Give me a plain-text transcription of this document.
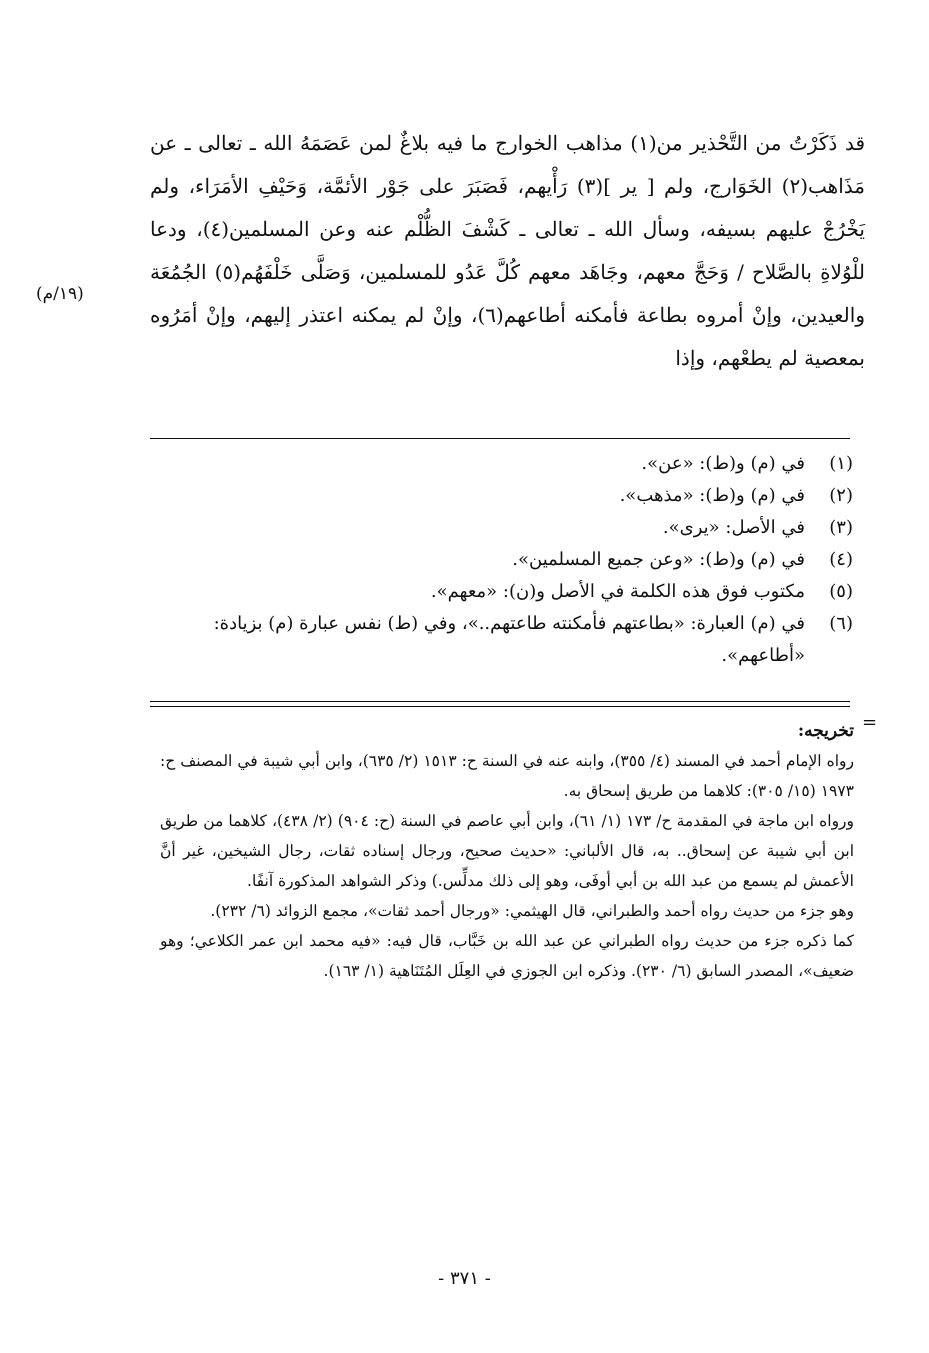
قد ذَكَرْتُ من التَّحْذير من(١) مذاهب الخوارج ما فيه بلاغٌ لمن عَصَمَهُ الله ـ تعالى ـ عن مَذَاهب(٢) الخَوَارج، ولم [ ير ](٣) رَأْيهم، فَصَبَرَ على جَوْر الأئمَّة، وَحَيْفِ الأمَرَاء، ولم يَخْرُجْ عليهم بسيفه، وسأل الله ـ تعالى ـ كَشْفَ الظُّلْم عنه وعن المسلمين(٤)، ودعا للْوُلاةِ بالصَّلاح / وَحَجَّ معهم، وجَاهَد معهم كُلَّ عَدُو للمسلمين، وَصَلَّى خَلْفَهُم(٥) الجُمُعَة والعيدين، وإنْ أمروه بطاعة فأمكنه أطاعهم(٦)، وإنْ لم يمكنه اعتذر إليهم، وإنْ أمَرُوه بمعصية لم يطعْهم، وإذا

(١٩/م)
(١)
في (م) و(ط): «عن».
(٢)
في (م) و(ط): «مذهب».
(٣)
في الأصل: «يرى».
(٤)
في (م) و(ط): «وعن جميع المسلمين».
(٥)
مكتوب فوق هذه الكلمة في الأصل و(ن): «معهم».
(٦)
في (م) العبارة: «بطاعتهم فأمكنته طاعتهم..»، وفي (ط) نفس عبارة (م) بزيادة: «أطاعهم».
=
تخريجه:

رواه الإمام أحمد في المسند (٤/ ٣٥٥)، وابنه عنه في السنة ح: ١٥١٣ (٢/ ٦٣٥)، وابن أبي شيبة في المصنف ح: ١٩٧٣ (١٥/ ٣٠٥): كلاهما من طريق إسحاق به.

ورواه ابن ماجة في المقدمة ح/ ١٧٣ (١/ ٦١)، وابن أبي عاصم في السنة (ح: ٩٠٤) (٢/ ٤٣٨)، كلاهما من طريق ابن أبي شيبة عن إسحاق.. به، قال الألباني: «حديث صحيح، ورجال إسناده ثقات، رجال الشيخين، غير أنَّ الأعمش لم يسمع من عبد الله بن أبي أوفَى، وهو إلى ذلك مدلِّس.) وذكر الشواهد المذكورة آنفًا.

وهو جزء من حديث رواه أحمد والطبراني، قال الهيثمي: «ورجال أحمد ثقات»، مجمع الزوائد (٦/ ٢٣٢).

كما ذكره جزء من حديث رواه الطبراني عن عبد الله بن خَبَّاب، قال فيه: «فيه محمد ابن عمر الكلاعي؛ وهو ضعيف»، المصدر السابق (٦/ ٢٣٠). وذكره ابن الجوزي في العِلَل المُتَنَاهية (١/ ١٦٣).

- ٣٧١ -
